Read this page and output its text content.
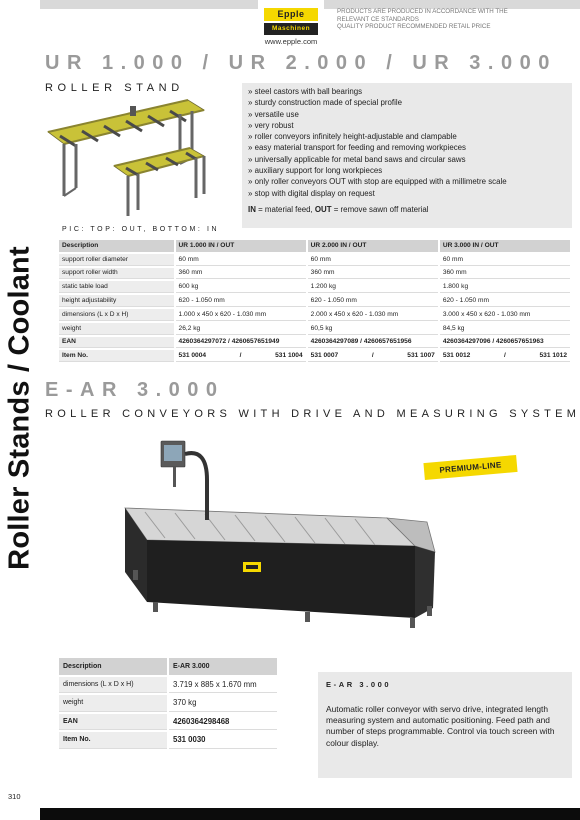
Epple
Maschinen
www.epple.com
PRODUCTS ARE PRODUCED IN ACCORDANCE WITH THE
RELEVANT CE STANDARDS
QUALITY PRODUCT RECOMMENDED RETAIL PRICE
Roller Stands / Coolant
UR 1.000 / UR 2.000 / UR 3.000
ROLLER STAND	» steel castors with ball bearings
» sturdy construction made of special profile
» versatile use
» very robust
» roller conveyors infinitely height-adjustable and clampable
» easy material transport for feeding and removing workpieces
» universally applicable for metal band saws and circular saws
» auxiliary support for long workpieces
» only roller conveyors OUT with stop are equipped with a millimetre scale
» stop with digital display on request
IN = material feed, OUT = remove sawn off material
PIC: TOP: OUT, BOTTOM: IN
Description	UR 1.000 IN / OUT	UR 2.000 IN / OUT	UR 3.000 IN / OUT
support roller diameter	60 mm	60 mm	60 mm
support roller width	360 mm	360 mm	360 mm
static table load	600 kg	1.200 kg	1.800 kg
height adjustability	620 - 1.050 mm	620 - 1.050 mm	620 - 1.050 mm
dimensions (L x D x H)	1.000 x 450 x 620 - 1.030 mm	2.000 x 450 x 620 - 1.030 mm	3.000 x 450 x 620 - 1.030 mm
weight	26,2 kg	60,5 kg	84,5 kg
EAN	4260364297072 / 4260657651949	4260364297089 / 4260657651956	4260364297096 / 4260657651963
Item No.	531 0004 / 531 1004	531 0007 / 531 1007	531 0012 / 531 1012
E-AR 3.000
ROLLER CONVEYORS WITH DRIVE AND MEASURING SYSTEM
PREMIUM-LINE
Description	E-AR 3.000
dimensions (L x D x H)	3.719 x 885 x 1.670 mm
weight	370 kg
EAN	4260364298468
Item No.	531 0030
E-AR 3.000
Automatic roller conveyor with servo drive, integrated length measuring system and automatic positioning. Feed path and number of steps programmable. Control via touch screen with colour display.
310
